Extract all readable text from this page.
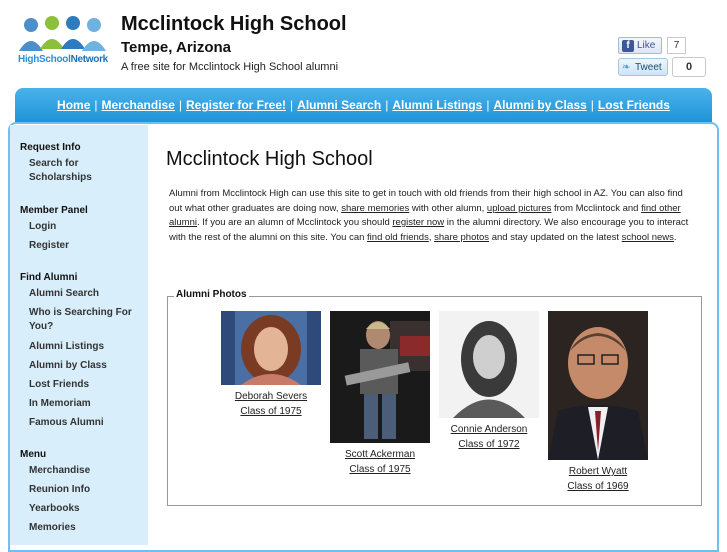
HighSchoolNetwork
Mcclintock High School
Tempe, Arizona
A free site for Mcclintock High School alumni
f Like	7
❧ Tweet	0
Home | Merchandise | Register for Free! | Alumni Search | Alumni Listings | Alumni by Class | Lost Friends
Request Info
Search for Scholarships
Member Panel
Login
Register
Find Alumni
Alumni Search
Who is Searching For You?
Alumni Listings
Alumni by Class
Lost Friends
In Memoriam
Famous Alumni
Menu
Merchandise
Reunion Info
Yearbooks
Memories
Mcclintock High School
Alumni from Mcclintock High can use this site to get in touch with old friends from their high school in AZ. You can also find out what other graduates are doing now, share memories with other alumn, upload pictures from Mcclintock and find other alumni. If you are an alumn of Mcclintock you should register now in the alumni directory. We also encourage you to interact with the rest of the alumni on this site. You can find old friends, share photos and stay updated on the latest school news.
Alumni Photos
Deborah Severs
Class of 1975
Scott Ackerman
Class of 1975
Connie Anderson
Class of 1972
Robert Wyatt
Class of 1969
